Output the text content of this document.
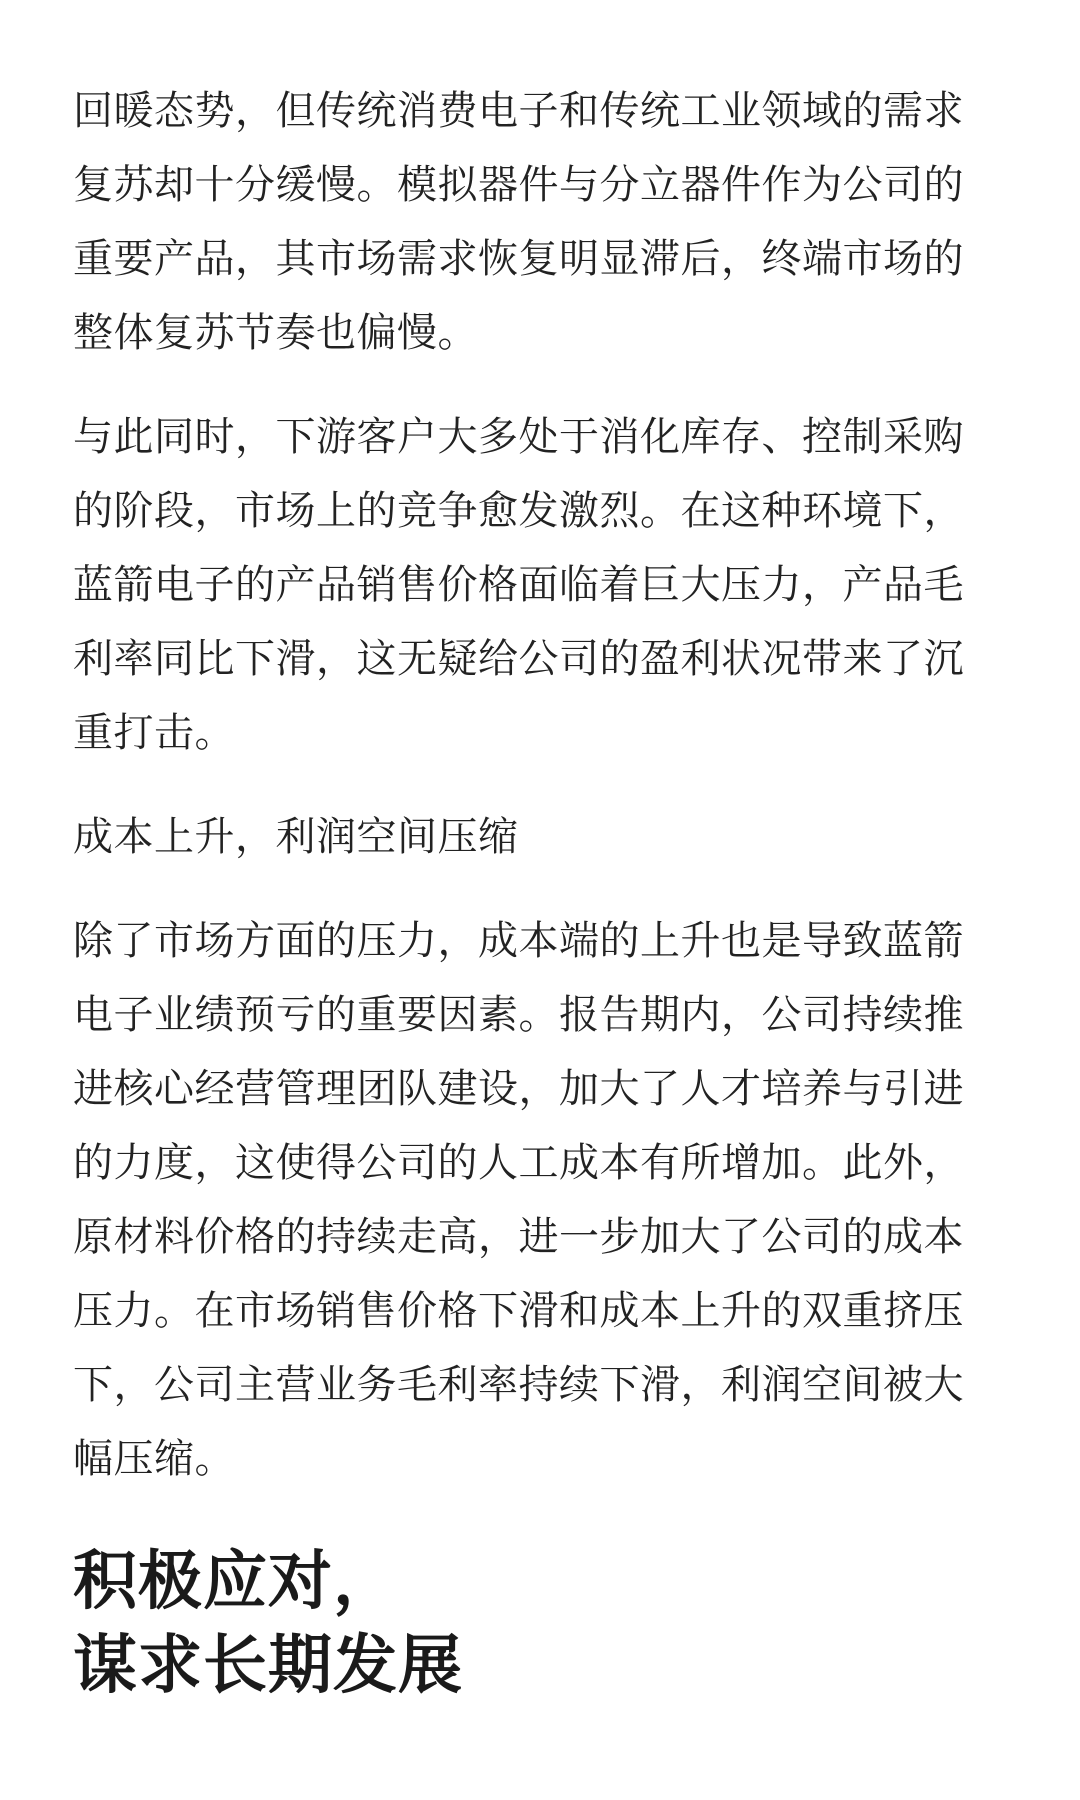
回暖态势，但传统消费电子和传统工业领域的需求
复苏却十分缓慢。模拟器件与分立器件作为公司的
重要产品，其市场需求恢复明显滞后，终端市场的
整体复苏节奏也偏慢。

与此同时，下游客户大多处于消化库存、控制采购
的阶段，市场上的竞争愈发激烈。在这种环境下，
蓝箭电子的产品销售价格面临着巨大压力，产品毛
利率同比下滑，这无疑给公司的盈利状况带来了沉
重打击。

成本上升，利润空间压缩

除了市场方面的压力，成本端的上升也是导致蓝箭
电子业绩预亏的重要因素。报告期内，公司持续推
进核心经营管理团队建设，加大了人才培养与引进
的力度，这使得公司的人工成本有所增加。此外，
原材料价格的持续走高，进一步加大了公司的成本
压力。在市场销售价格下滑和成本上升的双重挤压
下，公司主营业务毛利率持续下滑，利润空间被大
幅压缩。

积极应对，
谋求长期发展
